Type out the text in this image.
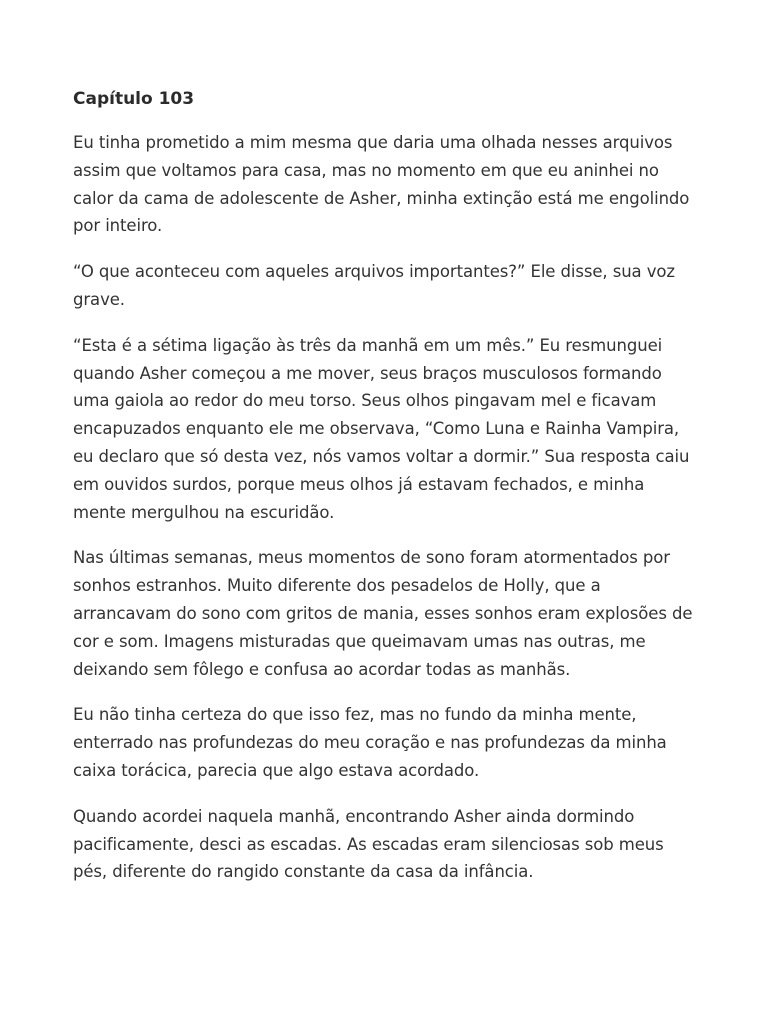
Capítulo 103

Eu tinha prometido a mim mesma que daria uma olhada nesses arquivos assim que voltamos para casa, mas no momento em que eu aninhei no calor da cama de adolescente de Asher, minha extinção está me engolindo por inteiro.

“O que aconteceu com aqueles arquivos importantes?” Ele disse, sua voz grave.

“Esta é a sétima ligação às três da manhã em um mês.” Eu resmunguei quando Asher começou a me mover, seus braços musculosos formando uma gaiola ao redor do meu torso. Seus olhos pingavam mel e ficavam encapuzados enquanto ele me observava, “Como Luna e Rainha Vampira, eu declaro que só desta vez, nós vamos voltar a dormir.” Sua resposta caiu em ouvidos surdos, porque meus olhos já estavam fechados, e minha mente mergulhou na escuridão.

Nas últimas semanas, meus momentos de sono foram atormentados por sonhos estranhos. Muito diferente dos pesadelos de Holly, que a arrancavam do sono com gritos de mania, esses sonhos eram explosões de cor e som. Imagens misturadas que queimavam umas nas outras, me deixando sem fôlego e confusa ao acordar todas as manhãs.

Eu não tinha certeza do que isso fez, mas no fundo da minha mente, enterrado nas profundezas do meu coração e nas profundezas da minha caixa torácica, parecia que algo estava acordado.

Quando acordei naquela manhã, encontrando Asher ainda dormindo pacificamente, desci as escadas. As escadas eram silenciosas sob meus pés, diferente do rangido constante da casa da infância.
